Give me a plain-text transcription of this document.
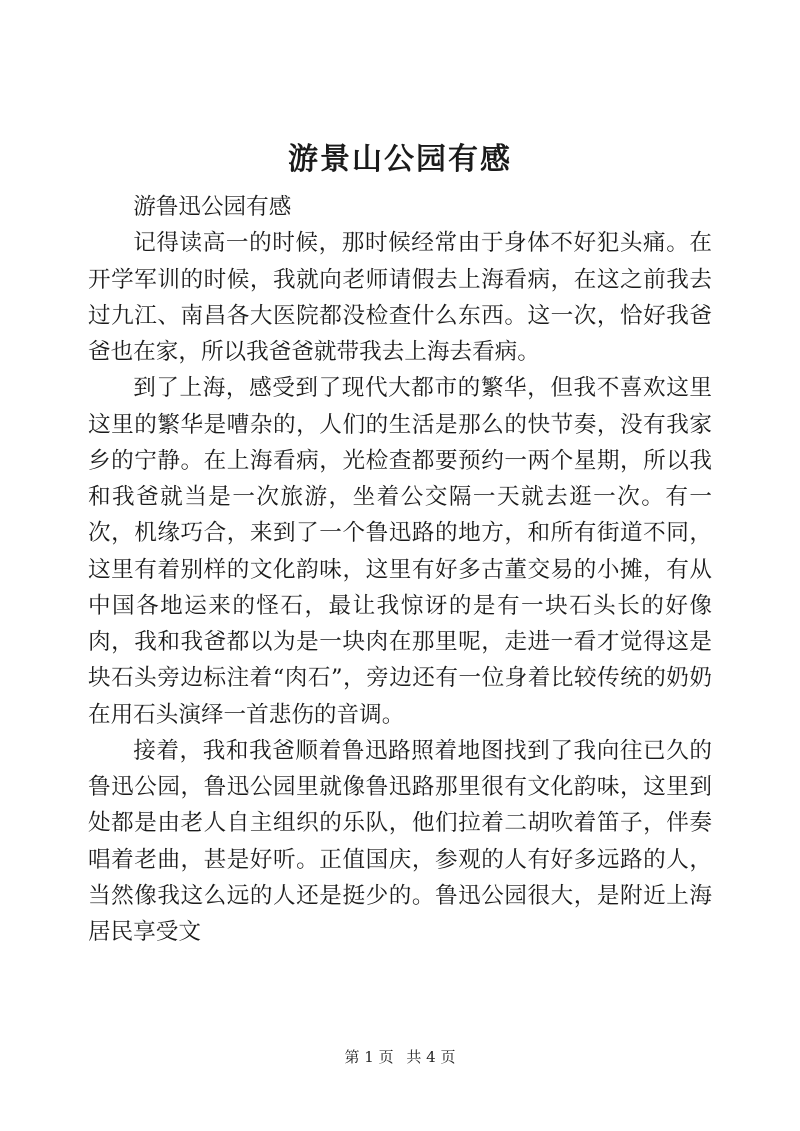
游景山公园有感

游鲁迅公园有感

记得读高一的时候，那时候经常由于身体不好犯头痛。在开学军训的时候，我就向老师请假去上海看病，在这之前我去过九江、南昌各大医院都没检查什么东西。这一次，恰好我爸爸也在家，所以我爸爸就带我去上海去看病。

到了上海，感受到了现代大都市的繁华，但我不喜欢这里这里的繁华是嘈杂的，人们的生活是那么的快节奏，没有我家乡的宁静。在上海看病，光检查都要预约一两个星期，所以我和我爸就当是一次旅游，坐着公交隔一天就去逛一次。有一次，机缘巧合，来到了一个鲁迅路的地方，和所有街道不同，这里有着别样的文化韵味，这里有好多古董交易的小摊，有从中国各地运来的怪石，最让我惊讶的是有一块石头长的好像肉，我和我爸都以为是一块肉在那里呢，走进一看才觉得这是块石头旁边标注着“肉石”，旁边还有一位身着比较传统的奶奶在用石头演绎一首悲伤的音调。

接着，我和我爸顺着鲁迅路照着地图找到了我向往已久的鲁迅公园，鲁迅公园里就像鲁迅路那里很有文化韵味，这里到处都是由老人自主组织的乐队，他们拉着二胡吹着笛子，伴奏唱着老曲，甚是好听。正值国庆，参观的人有好多远路的人，当然像我这么远的人还是挺少的。鲁迅公园很大，是附近上海居民享受文

第 1 页 共 4 页
